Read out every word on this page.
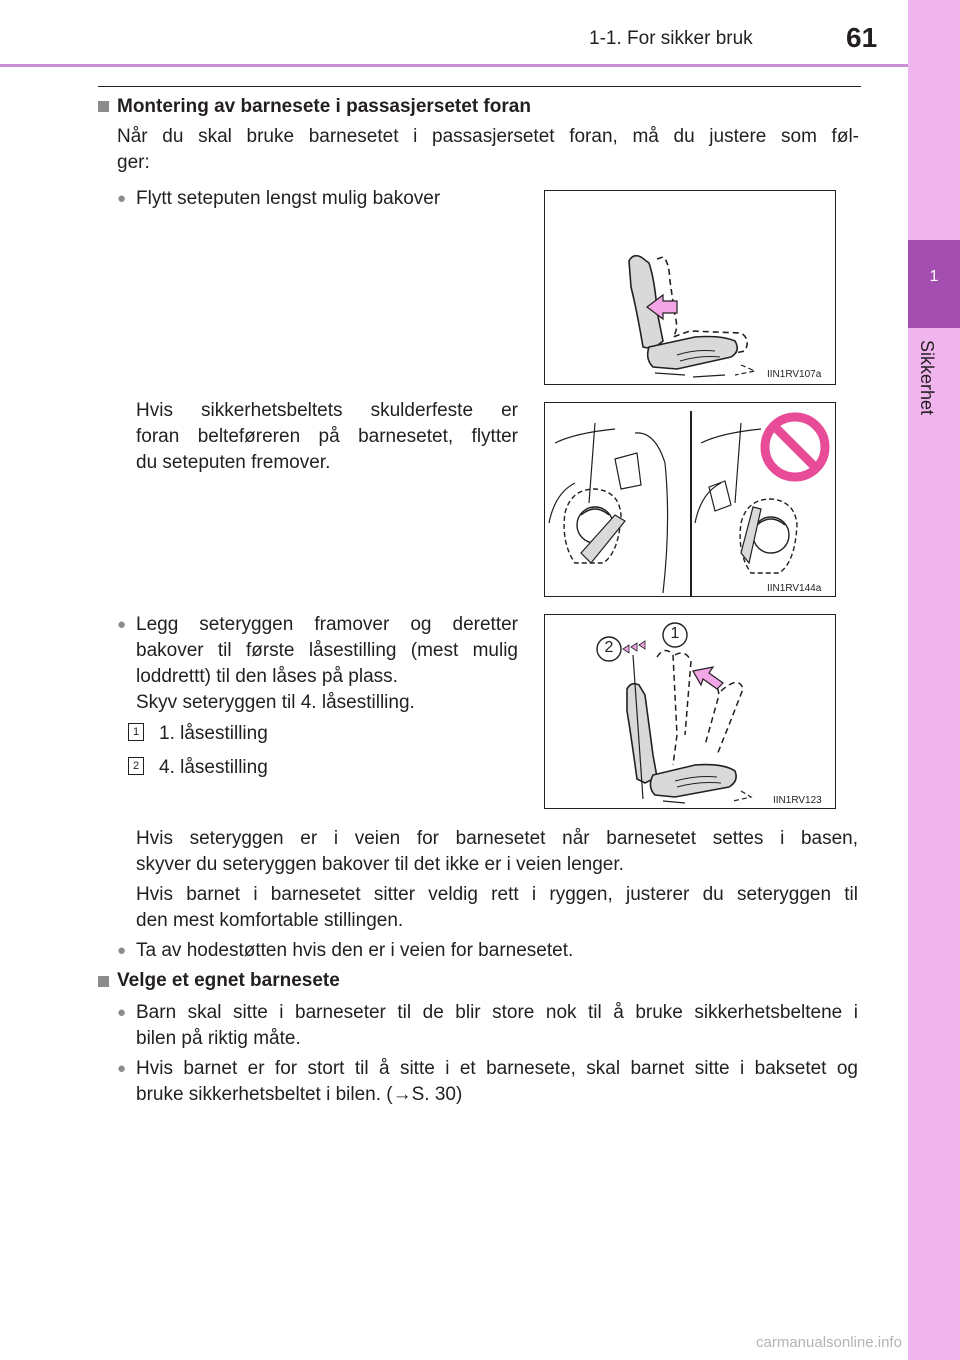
1-1. For sikker bruk	61
1
Sikkerhet
Montering av barnesete i passasjersetet foran
Når du skal bruke barnesetet i passasjersetet foran, må du justere som føl-
ger:
● Flytt seteputen lengst mulig bakover
IIN1RV107a
Hvis sikkerhetsbeltets skulderfeste er
foran belteføreren på barnesetet, flytter
du seteputen fremover.
IIN1RV144a
● Legg seteryggen framover og deretter
bakover til første låsestilling (mest mulig
loddrettt) til den låses på plass.
Skyv seteryggen til 4. låsestilling.
1 1. låsestilling
2 4. låsestilling
2
1
IIN1RV123
Hvis seteryggen er i veien for barnesetet når barnesetet settes i basen,
skyver du seteryggen bakover til det ikke er i veien lenger.
Hvis barnet i barnesetet sitter veldig rett i ryggen, justerer du seteryggen til
den mest komfortable stillingen.
● Ta av hodestøtten hvis den er i veien for barnesetet.
Velge et egnet barnesete
● Barn skal sitte i barneseter til de blir store nok til å bruke sikkerhetsbeltene i
bilen på riktig måte.
● Hvis barnet er for stort til å sitte i et barnesete, skal barnet sitte i baksetet og
bruke sikkerhetsbeltet i bilen. (→S. 30)
carmanualsonline.info
